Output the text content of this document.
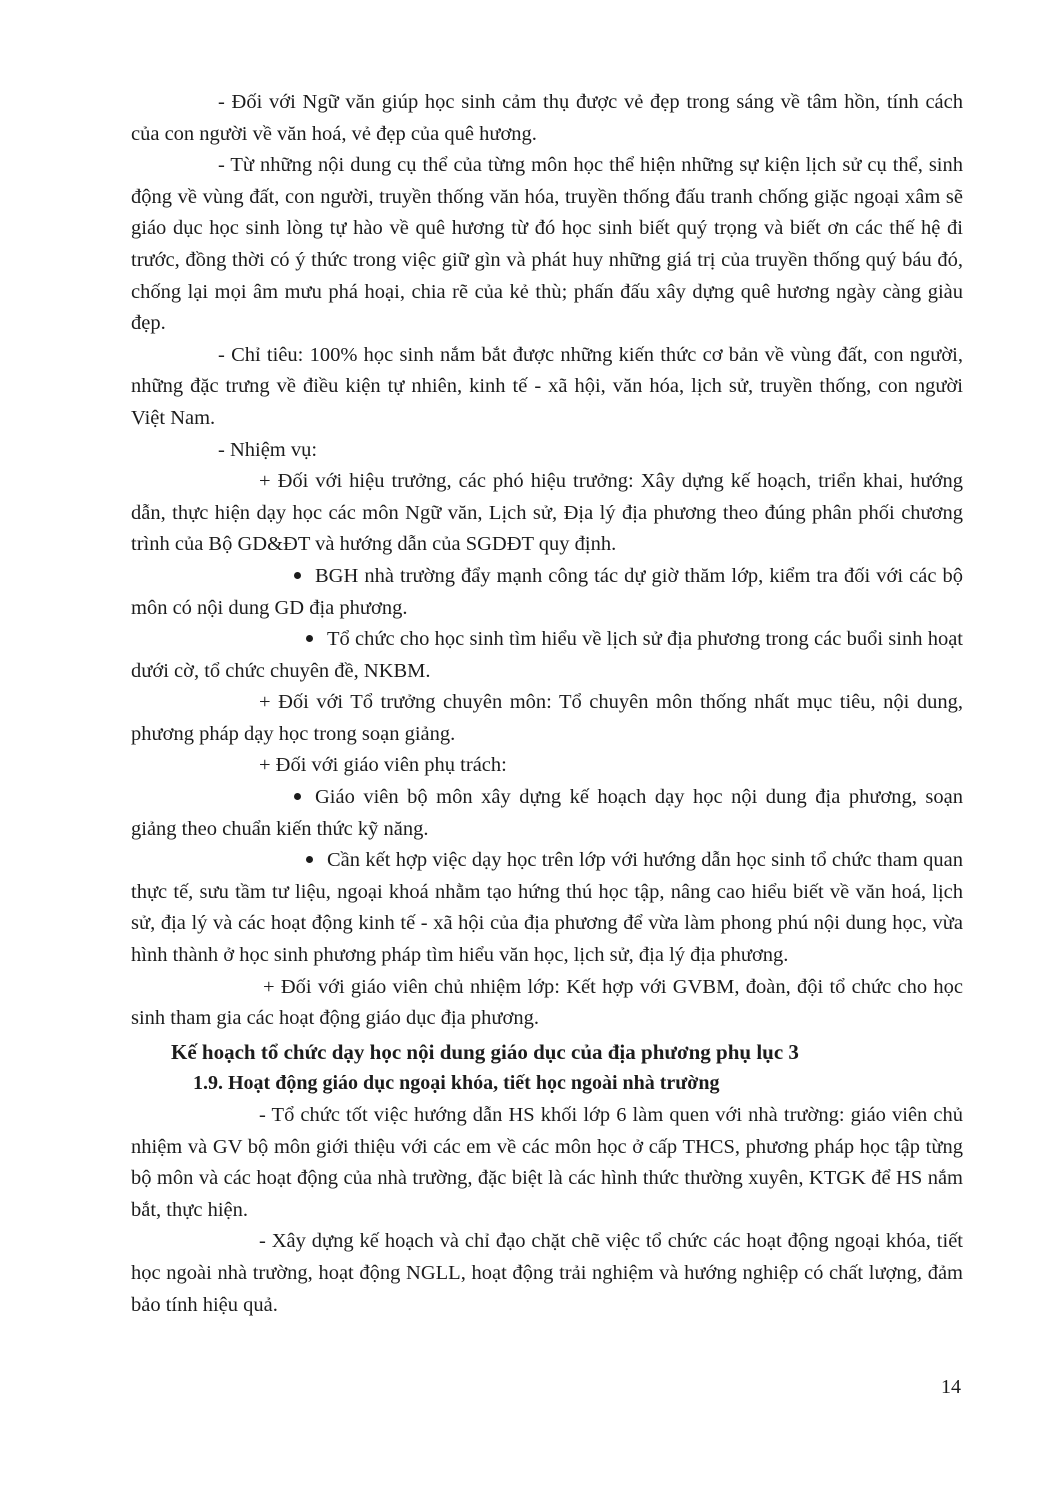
- Đối với Ngữ văn giúp học sinh cảm thụ được vẻ đẹp trong sáng về tâm hồn, tính cách của con người về văn hoá, vẻ đẹp của quê hương.

- Từ những nội dung cụ thể của từng môn học thể hiện những sự kiện lịch sử cụ thể, sinh động về vùng đất, con người, truyền thống văn hóa, truyền thống đấu tranh chống giặc ngoại xâm sẽ giáo dục học sinh lòng tự hào về quê hương từ đó học sinh biết quý trọng và biết ơn các thế hệ đi trước, đồng thời có ý thức trong việc giữ gìn và phát huy những giá trị của truyền thống quý báu đó, chống lại mọi âm mưu phá hoại, chia rẽ của kẻ thù; phấn đấu xây dựng quê hương ngày càng giàu đẹp.

- Chỉ tiêu: 100% học sinh nắm bắt được những kiến thức cơ bản về vùng đất, con người, những đặc trưng về điều kiện tự nhiên, kinh tế - xã hội, văn hóa, lịch sử, truyền thống, con người Việt Nam.

- Nhiệm vụ:

+ Đối với hiệu trưởng, các phó hiệu trưởng: Xây dựng kế hoạch, triển khai, hướng dẫn, thực hiện dạy học các môn Ngữ văn, Lịch sử, Địa lý địa phương theo đúng phân phối chương trình của Bộ GD&ĐT và hướng dẫn của SGDĐT quy định.

BGH nhà trường đẩy mạnh công tác dự giờ thăm lớp, kiểm tra đối với các bộ môn có nội dung GD địa phương.

Tổ chức cho học sinh tìm hiểu về lịch sử địa phương trong các buổi sinh hoạt dưới cờ, tổ chức chuyên đề, NKBM.

+ Đối với Tổ trưởng chuyên môn: Tổ chuyên môn thống nhất mục tiêu, nội dung, phương pháp dạy học trong soạn giảng.

+ Đối với giáo viên phụ trách:

Giáo viên bộ môn xây dựng kế hoạch dạy học nội dung địa phương, soạn giảng theo chuẩn kiến thức kỹ năng.

Cần kết hợp việc dạy học trên lớp với hướng dẫn học sinh tổ chức tham quan thực tế, sưu tầm tư liệu, ngoại khoá nhằm tạo hứng thú học tập, nâng cao hiểu biết về văn hoá, lịch sử, địa lý và các hoạt động kinh tế - xã hội của địa phương để vừa làm phong phú nội dung học, vừa hình thành ở học sinh phương pháp tìm hiểu văn học, lịch sử, địa lý địa phương.

+ Đối với giáo viên chủ nhiệm lớp: Kết hợp với GVBM, đoàn, đội tổ chức cho học sinh tham gia các hoạt động giáo dục địa phương.

Kế hoạch tổ chức dạy học nội dung giáo dục của địa phương phụ lục 3

1.9. Hoạt động giáo dục ngoại khóa, tiết học ngoài nhà trường

- Tổ chức tốt việc hướng dẫn HS khối lớp 6 làm quen với nhà trường: giáo viên chủ nhiệm và GV bộ môn giới thiệu với các em về các môn học ở cấp THCS, phương pháp học tập từng bộ môn và các hoạt động của nhà trường, đặc biệt là các hình thức thường xuyên, KTGK để HS nắm bắt, thực hiện.

- Xây dựng kế hoạch và chỉ đạo chặt chẽ việc tổ chức các hoạt động ngoại khóa, tiết học ngoài nhà trường, hoạt động NGLL, hoạt động trải nghiệm và hướng nghiệp có chất lượng, đảm bảo tính hiệu quả.

14
